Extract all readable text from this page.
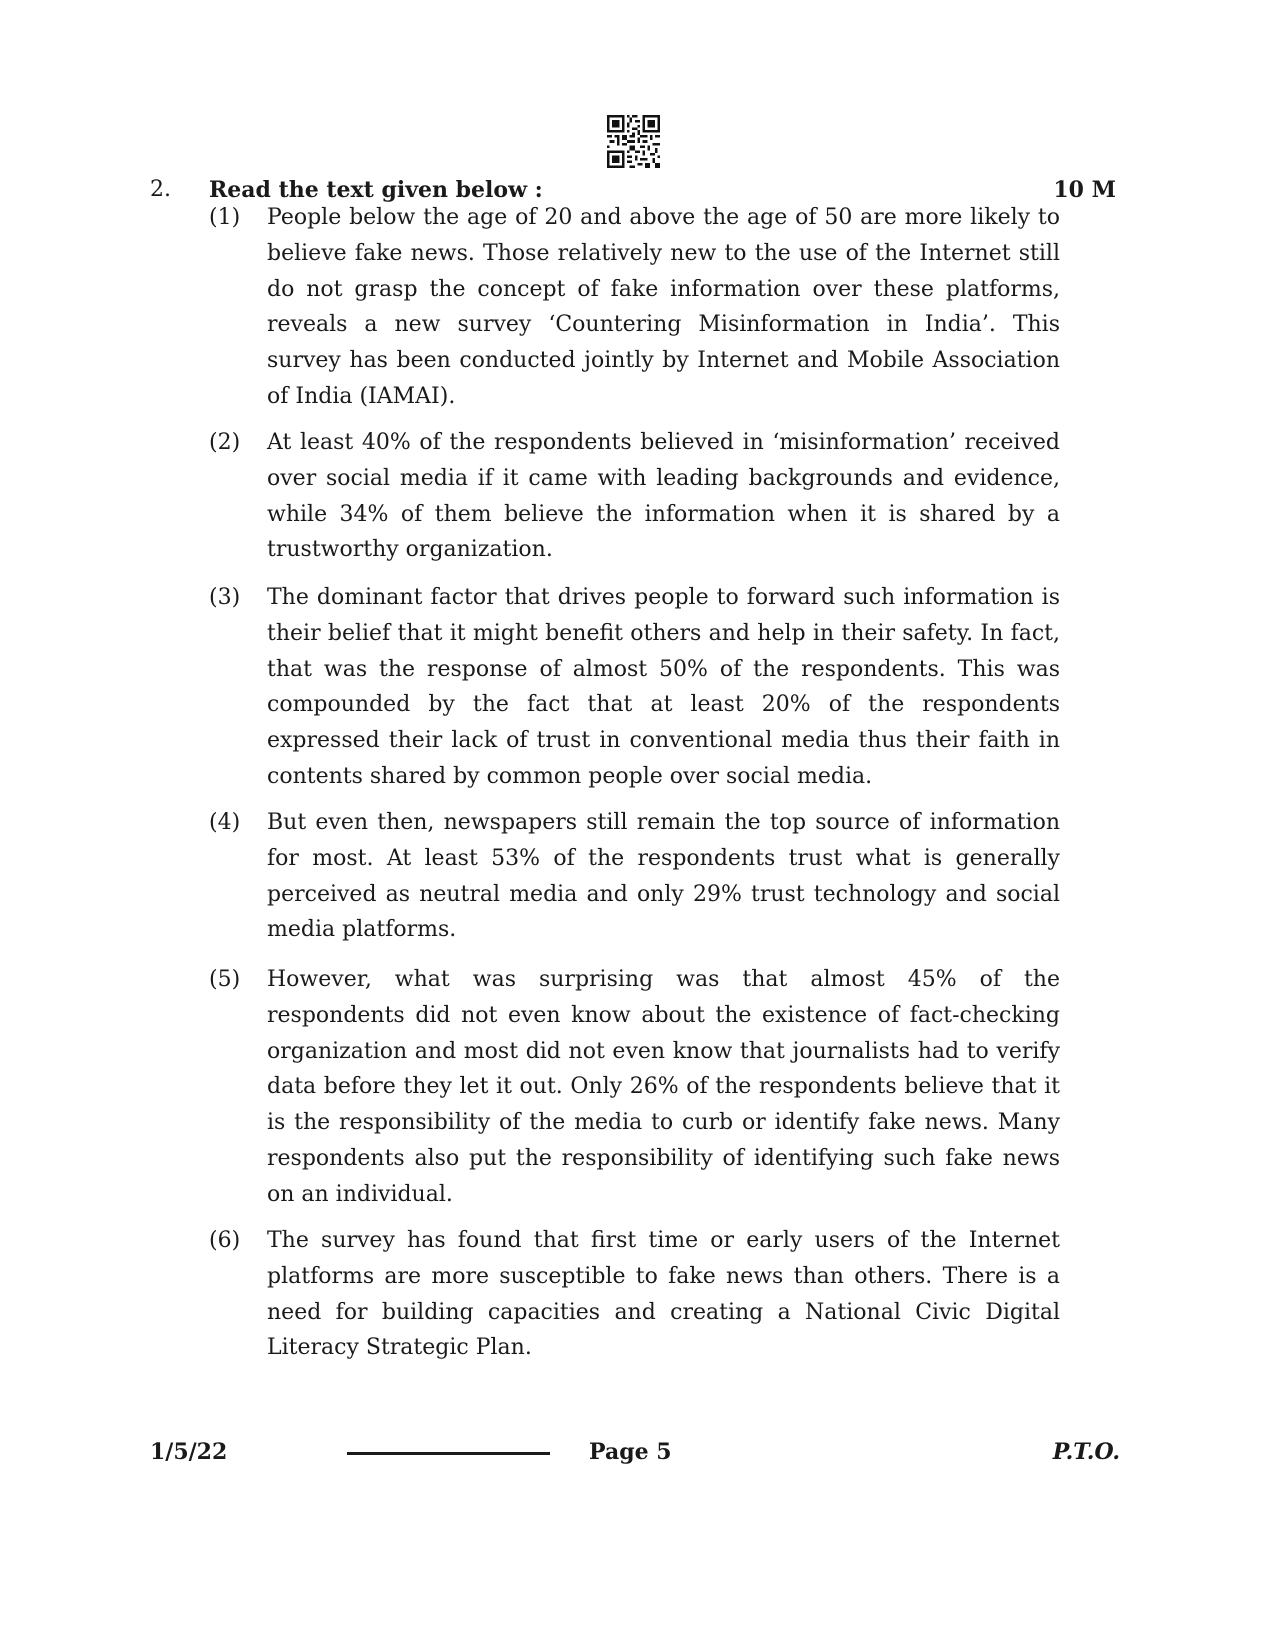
2. Read the text given below :	10 M
(1)	People below the age of 20 and above the age of 50 are more likely to believe fake news. Those relatively new to the use of the Internet still do not grasp the concept of fake information over these platforms, reveals a new survey ‘Countering Misinformation in India’. This survey has been conducted jointly by Internet and Mobile Association of India (IAMAI).
(2)	At least 40% of the respondents believed in ‘misinformation’ received over social media if it came with leading backgrounds and evidence, while 34% of them believe the information when it is shared by a trustworthy organization.
(3)	The dominant factor that drives people to forward such information is their belief that it might benefit others and help in their safety. In fact, that was the response of almost 50% of the respondents. This was compounded by the fact that at least 20% of the respondents expressed their lack of trust in conventional media thus their faith in contents shared by common people over social media.
(4)	But even then, newspapers still remain the top source of information for most. At least 53% of the respondents trust what is generally perceived as neutral media and only 29% trust technology and social media platforms.
(5)	However, what was surprising was that almost 45% of the respondents did not even know about the existence of fact-checking organization and most did not even know that journalists had to verify data before they let it out. Only 26% of the respondents believe that it is the responsibility of the media to curb or identify fake news. Many respondents also put the responsibility of identifying such fake news on an individual.
(6)	The survey has found that first time or early users of the Internet platforms are more susceptible to fake news than others. There is a need for building capacities and creating a National Civic Digital Literacy Strategic Plan.
1/5/22	Page 5	P.T.O.
